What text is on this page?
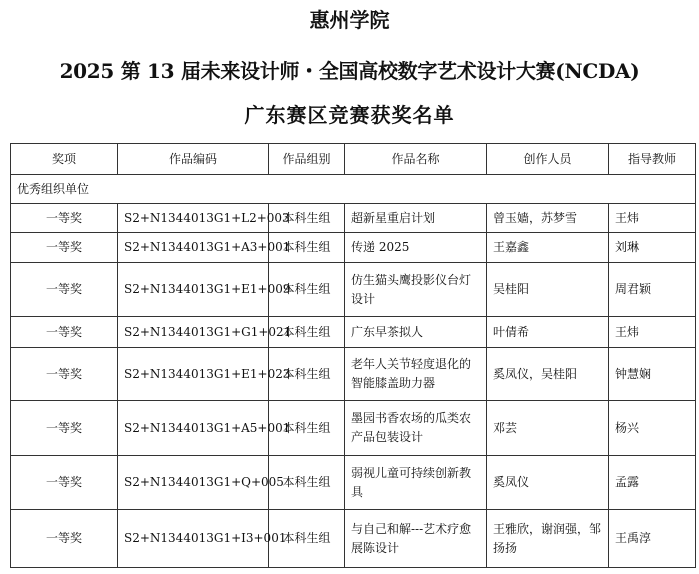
惠州学院
2025 第 13 届未来设计师・全国高校数字艺术设计大赛(NCDA)
广东赛区竞赛获奖名单
奖项	作品编码	作品组别	作品名称	创作人员	指导教师
优秀组织单位					
一等奖	S2+N1344013G1+L2+003	本科生组	超新星重启计划	曾玉嫱，苏梦雪	王炜
一等奖	S2+N1344013G1+A3+001	本科生组	传递 2025	王嘉鑫	刘琳
一等奖	S2+N1344013G1+E1+009	本科生组	仿生猫头鹰投影仪台灯设计	吴桂阳	周君颖
一等奖	S2+N1344013G1+G1+021	本科生组	广东早茶拟人	叶倩希	王炜
一等奖	S2+N1344013G1+E1+023	本科生组	老年人关节轻度退化的智能膝盖助力器	奚凤仪，吴桂阳	钟慧娴
一等奖	S2+N1344013G1+A5+001	本科生组	墨园书香农场的瓜类农产品包装设计	邓芸	杨兴
一等奖	S2+N1344013G1+Q+005	本科生组	弱视儿童可持续创新教具	奚凤仪	孟露
一等奖	S2+N1344013G1+I3+001	本科生组	与自己和解---艺术疗愈展陈设计	王雅欣，谢润强，邹扬扬	王禹淳
